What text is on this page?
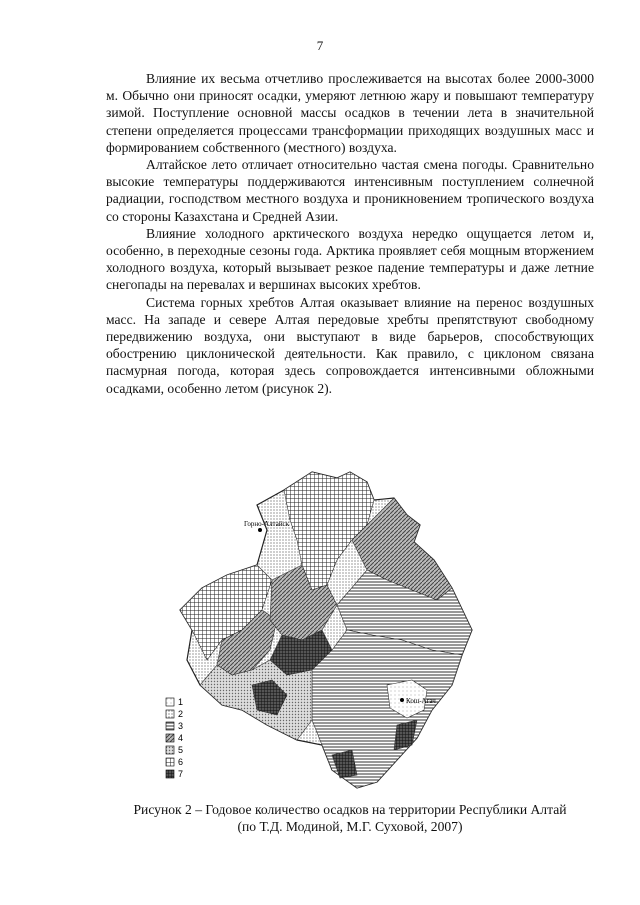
7

Влияние их весьма отчетливо прослеживается на высотах более 2000-3000 м. Обычно они приносят осадки, умеряют летнюю жару и повышают температуру зимой. Поступление основной массы осадков в течении лета в значительной степени определяется процессами трансформации приходящих воздушных масс и формированием собственного (местного) воздуха.

Алтайское лето отличает относительно частая смена погоды. Сравнительно высокие температуры поддерживаются интенсивным поступлением солнечной радиации, господством местного воздуха и проникновением тропического воздуха со стороны Казахстана и Средней Азии.

Влияние холодного арктического воздуха нередко ощущается летом и, особенно, в переходные сезоны года. Арктика проявляет себя мощным вторжением холодного воздуха, который вызывает резкое падение температуры и даже летние снегопады на перевалах и вершинах высоких хребтов.

Система горных хребтов Алтая оказывает влияние на перенос воздушных масс. На западе и севере Алтая передовые хребты препятствуют свободному передвижению воздуха, они выступают в виде барьеров, способствующих обострению циклонической деятельности. Как правило, с циклоном связана пасмурная погода, которая здесь сопровождается интенсивными обложными осадками, особенно летом (рисунок 2).

Горно-Алтайск
Кош-Агач
1
2
3
4
5
6
7
Рисунок 2 – Годовое количество осадков на территории Республики Алтай
(по Т.Д. Модиной, М.Г. Суховой, 2007)
